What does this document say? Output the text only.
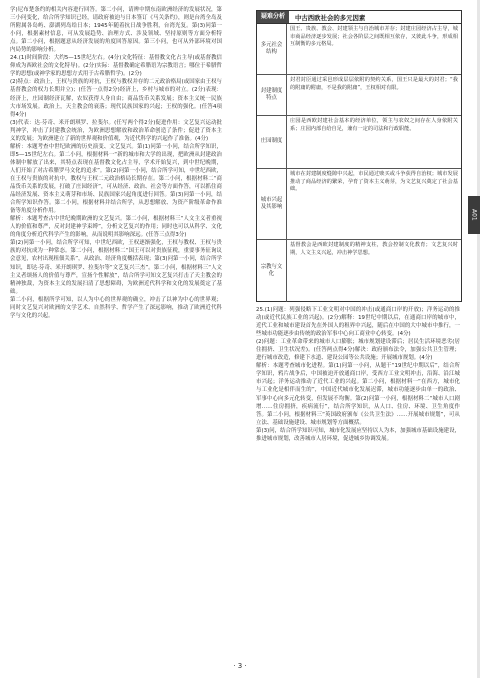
学)尼布楚条约的相关内容进行回答。第二小问，请辨中期东南欧洲经济的发展状况，第三小问变化，给合所学知识已经，请政府被迫与日本签订《马关条约》，则是台湾全岛及所附属各岛屿、澎湖列岛给日本；1945年随着抗日战争胜利，台湾光复。第(3)问第一小问，根据素材信息，可从发展趋势、治理方式、涉及领域、坚持原则等方面分析特点。第二小问，根据题意从经济发展的角度回答原因。第三小问，也可从外部环境对国内局势的影响分析。

24.(1)时间阶段：大约5—15世纪左右。(4分)文化特征：基督教文化占主导(或基督教信仰成为西欧社会的文化特导)。(2分)实际：基督教确定希腊语为宗教语言；哪位于希腊哲学的思想(或神学家的思想方式用于古希腊哲学)。(2分)

(2)特点：政治上，王权与贵族的对抗，王权与教权并存的二元政治格局(或国家由王权与基督教会的权力长期并立)；(任答一点得2分)经济上，乡村与城市的对立。(2分)表现：经济上，庄园制经济瓦解，农奴获得人身自由；商品货币关系发展；资本主义统一民族大市场发展。政治上，天主教会的衰落；现代民族国家的兴起；王权的强化。(任答4项得4分)

(3)代表：达·芬奇、米开朗琪罗、拉斐尔。(任写两个得2分)促进作用：文艺复兴运动批判神学，冲击了封建教会统治，为欧洲思想解放和政治革命创造了条件；促进了资本主义的发展；为欧洲建立了新的世界观和价值观，为近代科学的兴起作了准备。(4分)

解析：本题考查中世纪欧洲的历史演变、文艺复兴。第(1)问第一小问，结合所学知识，即5—15世纪左右。第二小问，根据材料一“新的城市和大学的出现，把欧洲从封建政治体制中解放了出来，其特点表现在基督教文化占主导，学术开始复兴，到中世纪晚期，人们开始了对古希腊罗马文化的追求”。第(2)问第一小问，结合所学可知，中世纪西欧，在王权与贵族的对抗中，教权与王权二元政治格局长期存在。第二小问，根据材料二“商品货币关系的发展，打破了庄园经济”，可从经济、政治、社会等方面作答，可以抓住商品经济发展、资本主义萌芽和市场、民族国家兴起角度进行回答。第(3)问第一小问，结合所学知识作答。第二小问，根据材料并结合所学，从思想解放、为资产阶级革命作准备等角度分析作用。

解析：本题考查古中世纪晚期欧洲的文艺复兴。第二小问，根据材料三“人文主义者重视人的价值和尊严，反对封建神学束缚”，分析文艺复兴的作用；同时也可以从科学、文化的角度分析近代科学产生的影响，从而说明其影响深远。(任答三点得3分)

第(2)问第一小问，结合所学可知，中世纪西欧，王权逐渐强化，王权与教权、王权与贵族的对抗成为一种常态。第二小问，根据材料二“国王可以对贵族征税，重要事务征询议会意见，农村出现租佃关系”，从政治、经济角度概括表现；第(3)问第一小问，结合所学知识，即达·芬奇、米开朗琪罗、拉斐尔等“文艺复兴三杰”。第二小问，根据材料三“人文主义者颂扬人的价值与尊严，宣扬个性解放”，结合所学可知文艺复兴打击了天主教会的精神独裁，为资本主义的发展扫清了思想障碍，为欧洲近代科学和文化的发展奠定了基础。

第二小问，根据所学可知，以人为中心的世界观的确立，冲击了以神为中心的世界观；同时文艺复兴对欧洲的文学艺术、自然科学、哲学产生了深远影响，推动了欧洲近代科学与文化的兴起。

疑难分析	中古西欧社会的多元因素
多元社会结构
国王、贵族、教会、封建领主与自治城市并存；封建庄园经济占主导，城市商品经济逐步发展；社会各阶层之间既相互依存，又彼此斗争，形成相互制衡的多元格局。
封建制度特点
封君封臣通过采邑形成层层依附的契约关系，国王只是最大的封君；“我的附庸的附庸，不是我的附庸”，王权相对有限。
庄园制度
庄园是西欧封建社会基本的经济单位，领主与农奴之间存在人身依附关系；庄园内部自给自足，兼有一定的司法和行政职能。
城市兴起及其影响
城市在封建制度缝隙中兴起，市民通过赎买或斗争获得自治权；城市发展推动了商品经济的繁荣，孕育了资本主义萌芽，为文艺复兴奠定了社会基础。
宗教与文化
基督教会是西欧封建制度的精神支柱，教会控制文化教育；文艺复兴时期，人文主义兴起，冲击神学思想。

25.(1)问题：列强侵略下工业文明对中国的冲击(或通商口岸的开放)；洋务运动的推动(或近代民族工业的兴起)。(2分)解释：19世纪中期以后，在通商口岸的城市中，近代工业和城市建设首先在外国人的租界中兴起，随后在中国的大中城市中推行，一些城市功能逐步由传统的政治军事中心向工商业中心转变。(4分)

(2)问题：工业革命带来的城市人口膨胀；城市规划建设滞后；居民生活环境恶劣(居住拥挤、卫生状况差)。(任答两点得4分)解决：政府颁布法令，加强公共卫生管理；进行城市改造，修建下水道、建设公园等公共设施；开展城市规划。(4分)

解析：本题考查城市化进程。第(1)问第一小问，从题干“19世纪中期以后”，结合所学知识，鸦片战争后，中国被迫开放通商口岸，受西方工业文明冲击，沿海、沿江城市兴起；洋务运动推动了近代工业的兴起。第二小问，根据材料一“在西方，城市化与工业化是相伴而生的”，中国近代城市化发展迟滞，城市功能逐步由单一的政治、军事中心向多元化转变，但发展不均衡。第(2)问第一小问，根据材料二“城市人口剧增……住房拥挤，疾病流行”，结合所学知识，从人口、住房、环境、卫生角度作答。第二小问，根据材料三“英国政府颁布《公共卫生法》……开展城市规划”，可从立法、基础设施建设、城市规划等方面概括。

第(3)问，结合所学知识可知，城市化发展应坚持以人为本，加强城市基础设施建设，推进城市规划，改善城市人居环境，促进城乡协调发展。

A01
· 3 ·
